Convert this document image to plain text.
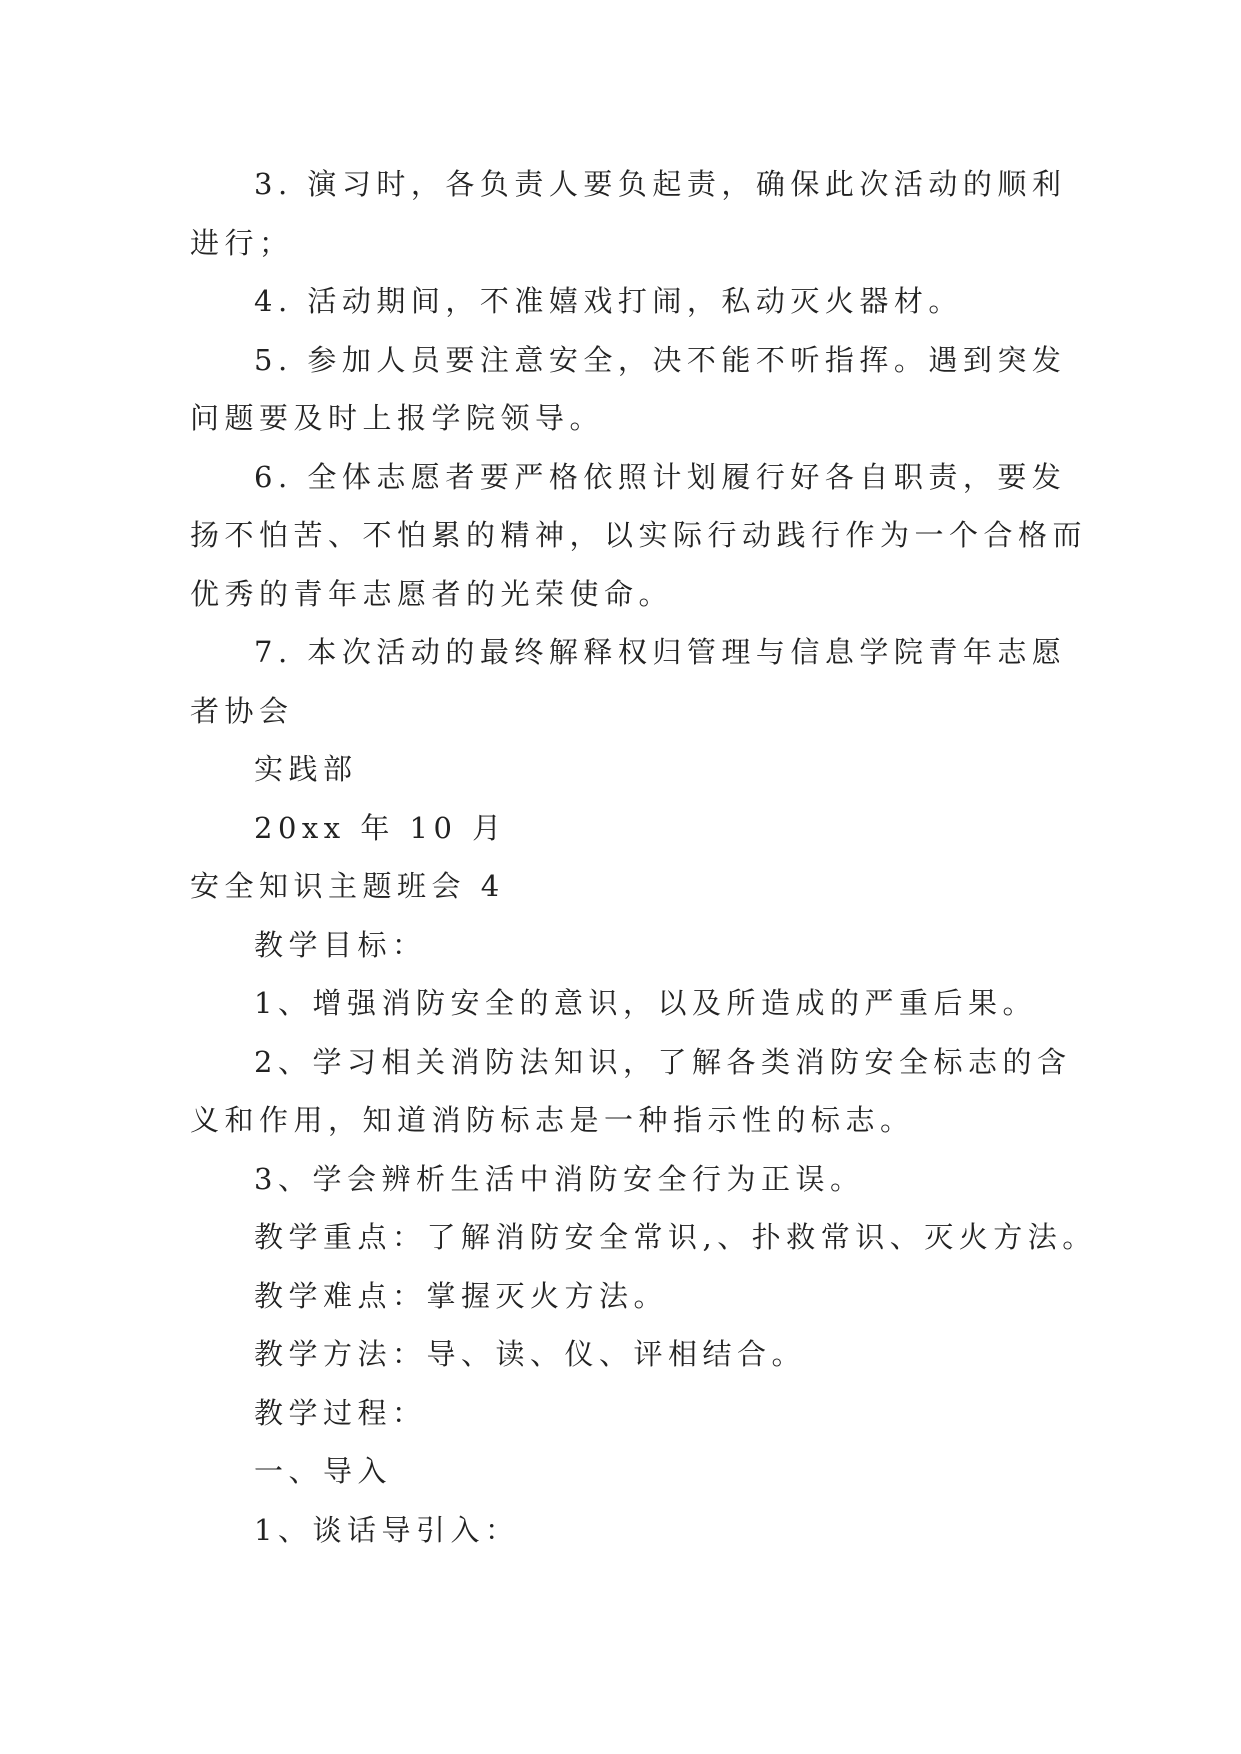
3. 演习时，各负责人要负起责，确保此次活动的顺利
进行；
4. 活动期间，不准嬉戏打闹，私动灭火器材。
5. 参加人员要注意安全，决不能不听指挥。遇到突发
问题要及时上报学院领导。
6. 全体志愿者要严格依照计划履行好各自职责，要发
扬不怕苦、不怕累的精神，以实际行动践行作为一个合格而
优秀的青年志愿者的光荣使命。
7. 本次活动的最终解释权归管理与信息学院青年志愿
者协会
实践部
20xx 年 10 月
安全知识主题班会 4
教学目标：
1、增强消防安全的意识，以及所造成的严重后果。
2、学习相关消防法知识，了解各类消防安全标志的含
义和作用，知道消防标志是一种指示性的标志。
3、学会辨析生活中消防安全行为正误。
教学重点：了解消防安全常识,、扑救常识、灭火方法。
教学难点：掌握灭火方法。
教学方法：导、读、仪、评相结合。
教学过程：
一、导入
1、谈话导引入：
